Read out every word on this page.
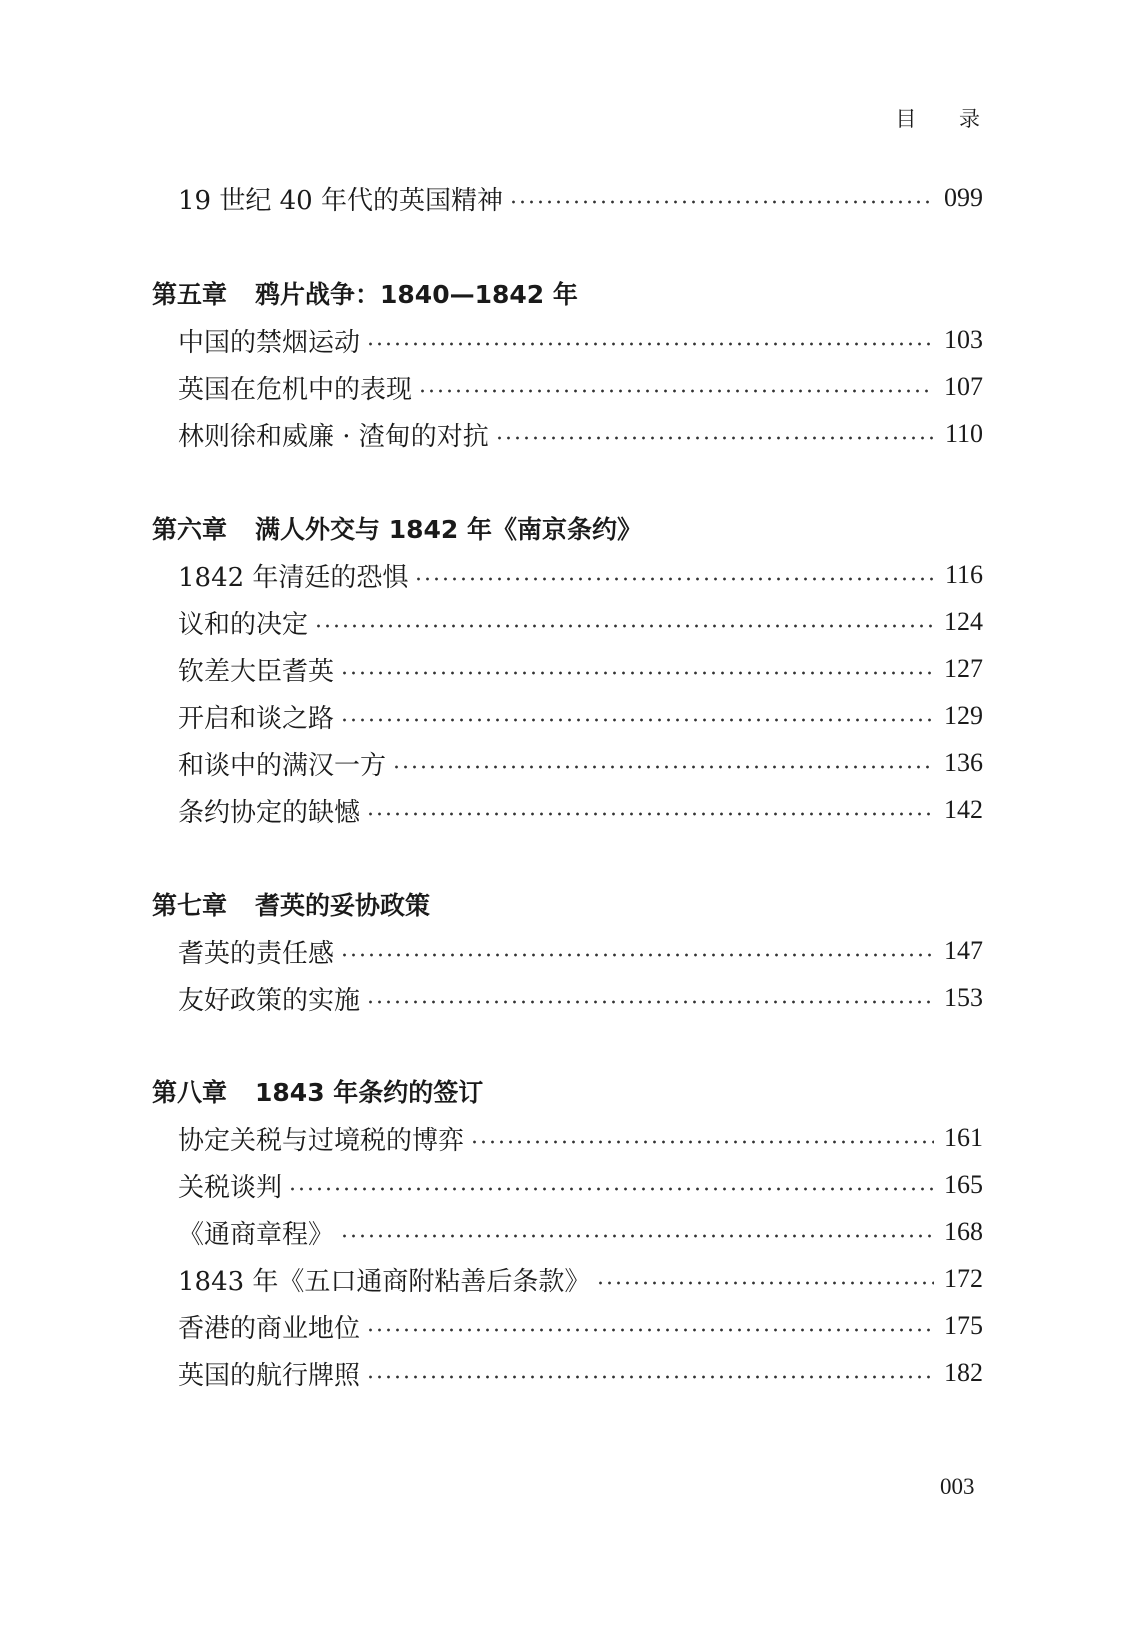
目 录
19 世纪 40 年代的英国精神	099
第五章 鸦片战争：1840—1842 年
中国的禁烟运动	103
英国在危机中的表现	107
林则徐和威廉 · 渣甸的对抗	110
第六章 满人外交与 1842 年《南京条约》
1842 年清廷的恐惧	116
议和的决定	124
钦差大臣耆英	127
开启和谈之路	129
和谈中的满汉一方	136
条约协定的缺憾	142
第七章 耆英的妥协政策
耆英的责任感	147
友好政策的实施	153
第八章 1843 年条约的签订
协定关税与过境税的博弈	161
关税谈判	165
《通商章程》	168
1843 年《五口通商附粘善后条款》	172
香港的商业地位	175
英国的航行牌照	182
003
